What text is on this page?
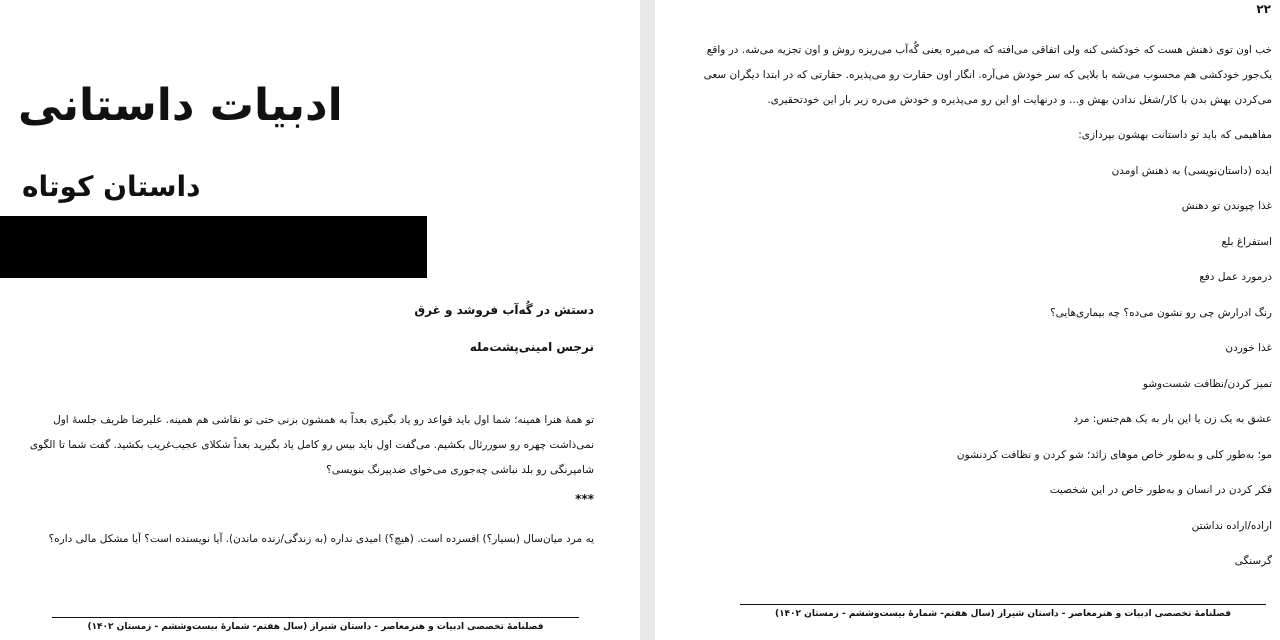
ادبیات داستانی
داستان کوتاه
دستش در گُه‌آب فروشد و غرق
نرجس امینی‌پشت‌مله

تو همهٔ هنرا همینه؛ شما اول باید قواعد رو یاد بگیری بعداً به همشون بزنی حتی تو نقاشی هم همینه. علیرضا ظریف جلسهٔ اول نمی‌ذاشت چهره رو سوررئال بکشیم. می‌گفت اول باید بیس رو کامل یاد بگیرید بعداً شکلای عجیب‌غریب بکشید. گفت شما تا الگوی شامپرنگی رو بلد نباشی چه‌جوری می‌خوای ضدپیرنگ بنویسی؟

***

یه مرد میان‌سال (بسیار؟) افسرده است. (هیچ؟) امیدی نداره (به زندگی/زنده ماندن). آیا نویسنده است؟ آیا مشکل مالی داره؟

فصلنامهٔ تخصصی ادبیات و هنرمعاصر - داستان شیراز (سال هفتم- شمارهٔ بیست‌وششم - زمستان ۱۴۰۲)
۲۲

خب اون توی ذهنش هست که خودکشی کنه ولی اتفاقی می‌افته که می‌میره یعنی گُه‌آب می‌ریزه روش و اون تجزیه می‌شه. در واقع یک‌جور خودکشی هم محسوب می‌شه با بلایی که سر خودش می‌آره. انگار اون حقارت رو می‌پذیره. حقارتی که در ابتدا دیگران سعی می‌کردن بهش بدن با کار/شغل ندادن بهش و... و درنهایت او این رو می‌پذیره و خودش می‌ره زیر بار این خودتحقیری.

مفاهیمی که باید تو داستانت بهشون بپردازی:
ایده (داستان‌نویسی) به ذهنش اومدن
غذا چپوندن تو دهنش
استفراغ بلع
درمورد عمل دفع
رنگ ادرارش چی رو نشون می‌ده؟ چه بیماری‌هایی؟
غذا خوردن
تمیز کردن/نظافت شست‌وشو
عشق به یک زن یا این بار به یک هم‌جنس: مرد
مو؛ به‌طور کلی و به‌طور خاص موهای زائد؛ شو کردن و نظافت کردنشون
فکر کردن در انسان و به‌طور خاص در این شخصیت
اراده/اراده نداشتن
گرسنگی
فصلنامهٔ تخصصی ادبیات و هنرمعاصر - داستان شیراز (سال هفتم- شمارهٔ بیست‌وششم - زمستان ۱۴۰۲)
